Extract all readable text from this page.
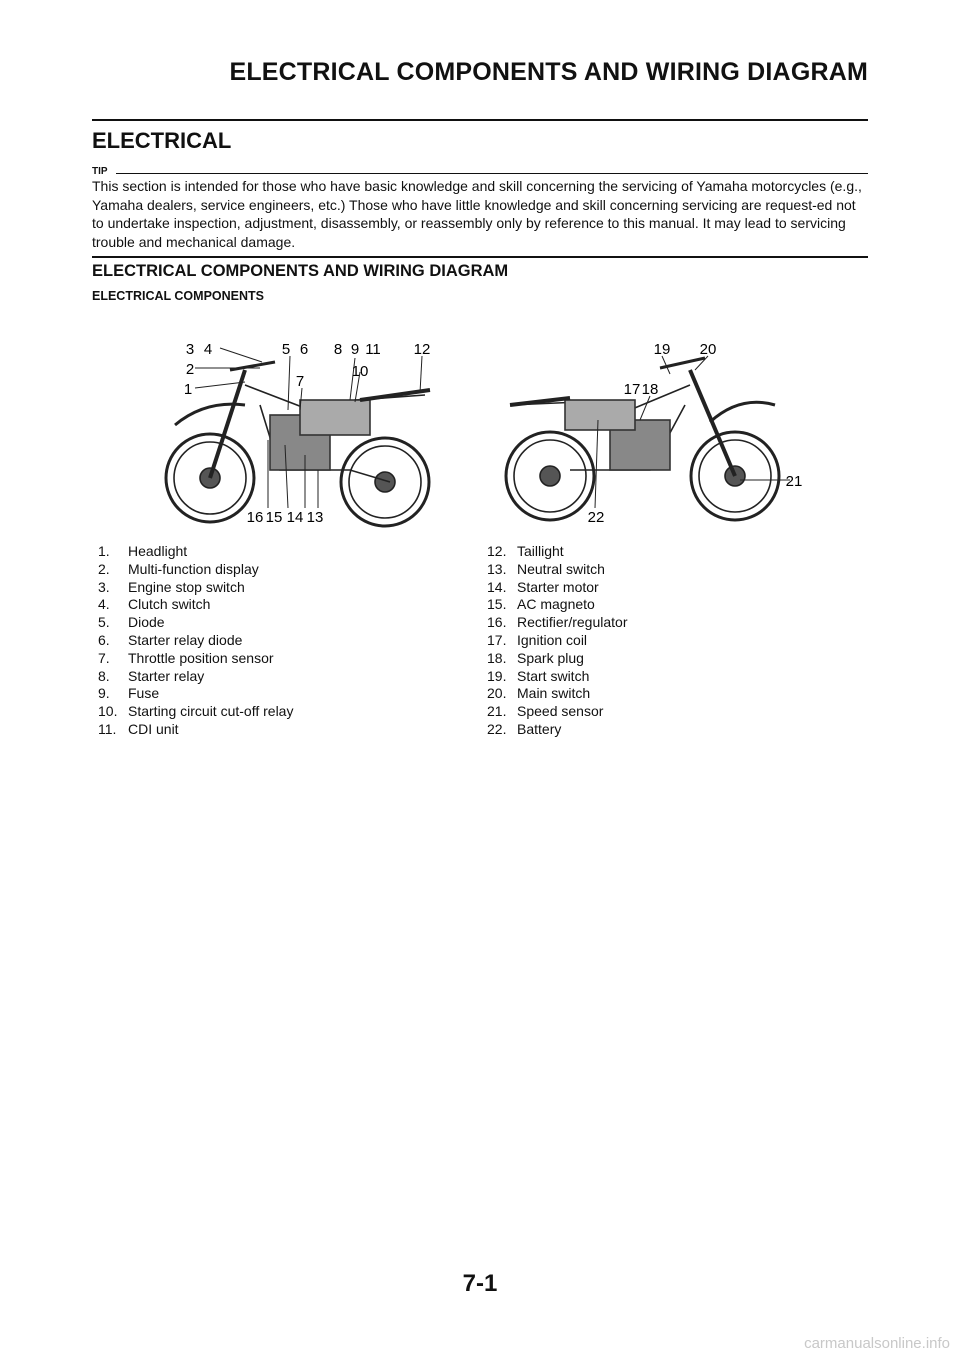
ELECTRICAL COMPONENTS AND WIRING DIAGRAM
ELECTRICAL
TIP

This section is intended for those who have basic knowledge and skill concerning the servicing of Yamaha motorcycles (e.g., Yamaha dealers, service engineers, etc.) Those who have little knowledge and skill concerning servicing are request-ed not to undertake inspection, adjustment, disassembly, or reassembly only by reference to this manual. It may lead to servicing trouble and mechanical damage.

ELECTRICAL COMPONENTS AND WIRING DIAGRAM
ELECTRICAL COMPONENTS
3 4
2
1
5 6
7
8 9 11
10
12
16 15 14 13
19 20
17 18
21
22
1. Headlight
2. Multi-function display
3. Engine stop switch
4. Clutch switch
5. Diode
6. Starter relay diode
7. Throttle position sensor
8. Starter relay
9. Fuse
10. Starting circuit cut-off relay
11. CDI unit
12. Taillight
13. Neutral switch
14. Starter motor
15. AC magneto
16. Rectifier/regulator
17. Ignition coil
18. Spark plug
19. Start switch
20. Main switch
21. Speed sensor
22. Battery
7-1
carmanualsonline.info
